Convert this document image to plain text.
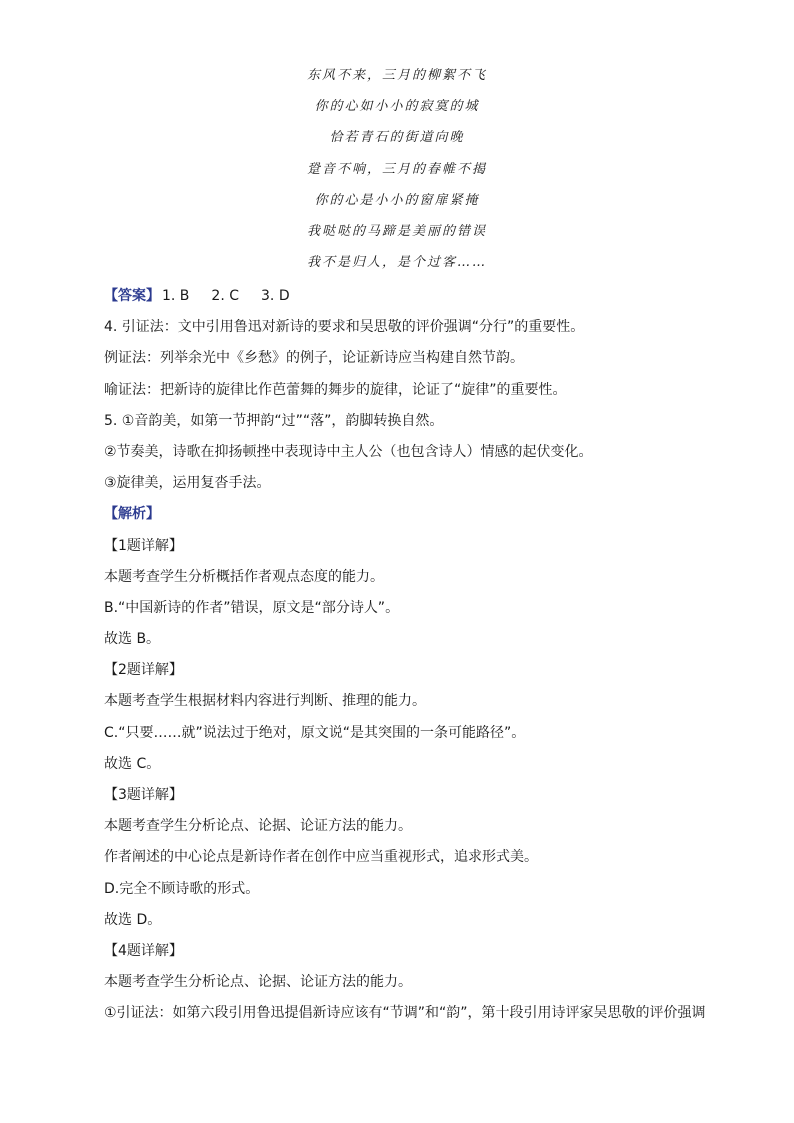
东风不来，三月的柳絮不飞
你的心如小小的寂寞的城
恰若青石的街道向晚
跫音不响，三月的春帷不揭
你的心是小小的窗扉紧掩
我哒哒的马蹄是美丽的错误
我不是归人，是个过客……
【答案】 1. B 2. C 3. D
4. 引证法：文中引用鲁迅对新诗的要求和吴思敬的评价强调“分行”的重要性。
例证法：列举余光中《乡愁》的例子，论证新诗应当构建自然节韵。
喻证法：把新诗的旋律比作芭蕾舞的舞步的旋律，论证了“旋律”的重要性。
5. ①音韵美，如第一节押韵“过”“落”，韵脚转换自然。
②节奏美，诗歌在抑扬顿挫中表现诗中主人公（也包含诗人）情感的起伏变化。
③旋律美，运用复沓手法。
【解析】
【1题详解】
本题考查学生分析概括作者观点态度的能力。
B.“中国新诗的作者”错误，原文是“部分诗人”。
故选 B。
【2题详解】
本题考查学生根据材料内容进行判断、推理的能力。
C.“只要……就”说法过于绝对，原文说“是其突围的一条可能路径”。
故选 C。
【3题详解】
本题考查学生分析论点、论据、论证方法的能力。
作者阐述的中心论点是新诗作者在创作中应当重视形式，追求形式美。
D.完全不顾诗歌的形式。
故选 D。
【4题详解】
本题考查学生分析论点、论据、论证方法的能力。
①引证法：如第六段引用鲁迅提倡新诗应该有“节调”和“韵”，第十段引用诗评家吴思敬的评价强调
